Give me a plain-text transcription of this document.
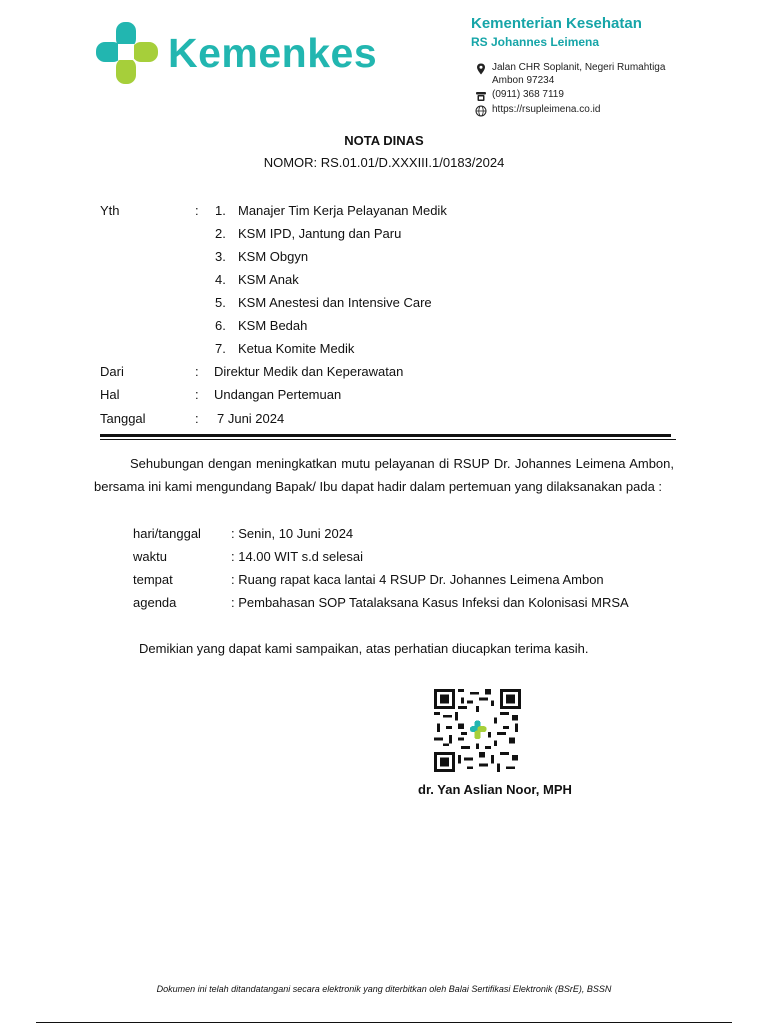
Kemenkes
Kementerian Kesehatan
RS Johannes Leimena
Jalan CHR Soplanit, Negeri Rumahtiga
Ambon 97234
(0911) 368 7119
https://rsupleimena.co.id
NOTA DINAS
NOMOR: RS.01.01/D.XXXIII.1/0183/2024
Yth	: 1. Manajer Tim Kerja Pelayanan Medik
2. KSM IPD, Jantung dan Paru
3. KSM Obgyn
4. KSM Anak
5. KSM Anestesi dan Intensive Care
6. KSM Bedah
7. Ketua Komite Medik
Dari	: Direktur Medik dan Keperawatan
Hal	: Undangan Pertemuan
Tanggal	: 7 Juni 2024
Sehubungan dengan meningkatkan mutu pelayanan di RSUP Dr. Johannes Leimena Ambon, bersama ini kami mengundang Bapak/ Ibu dapat hadir dalam pertemuan yang dilaksanakan pada :
hari/tanggal : Senin, 10 Juni 2024
waktu	: 14.00 WIT s.d selesai
tempat	: Ruang rapat kaca lantai 4 RSUP Dr. Johannes Leimena Ambon
agenda	: Pembahasan SOP Tatalaksana Kasus Infeksi dan Kolonisasi MRSA
Demikian yang dapat kami sampaikan, atas perhatian diucapkan terima kasih.
dr. Yan Aslian Noor, MPH
Dokumen ini telah ditandatangani secara elektronik yang diterbitkan oleh Balai Sertifikasi Elektronik (BSrE), BSSN
